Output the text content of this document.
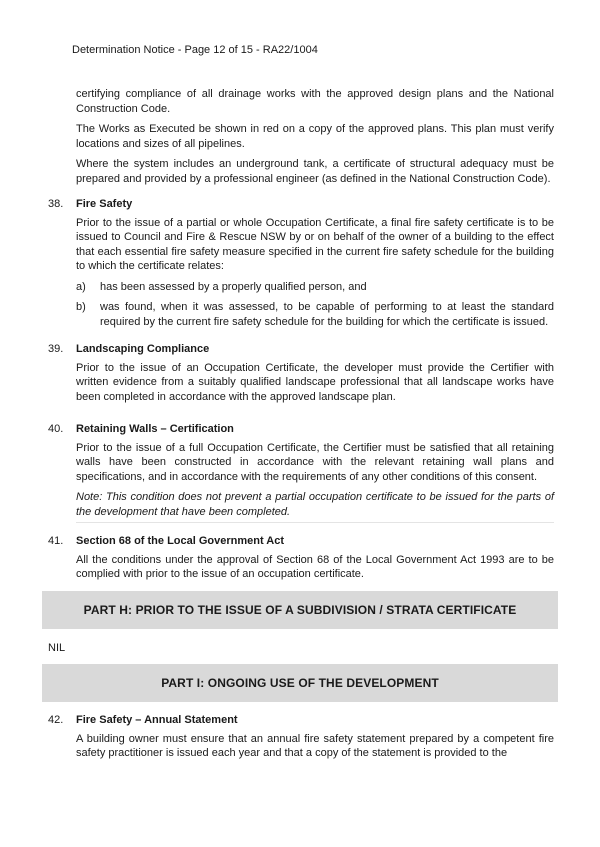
Determination Notice - Page 12 of 15 - RA22/1004

certifying compliance of all drainage works with the approved design plans and the National Construction Code.

The Works as Executed be shown in red on a copy of the approved plans. This plan must verify locations and sizes of all pipelines.

Where the system includes an underground tank, a certificate of structural adequacy must be prepared and provided by a professional engineer (as defined in the National Construction Code).

38.	Fire Safety

Prior to the issue of a partial or whole Occupation Certificate, a final fire safety certificate is to be issued to Council and Fire & Rescue NSW by or on behalf of the owner of a building to the effect that each essential fire safety measure specified in the current fire safety schedule for the building to which the certificate relates:

a)	has been assessed by a properly qualified person, and
b)	was found, when it was assessed, to be capable of performing to at least the standard required by the current fire safety schedule for the building for which the certificate is issued.
39.	Landscaping Compliance

Prior to the issue of an Occupation Certificate, the developer must provide the Certifier with written evidence from a suitably qualified landscape professional that all landscape works have been completed in accordance with the approved landscape plan.

40.	Retaining Walls – Certification

Prior to the issue of a full Occupation Certificate, the Certifier must be satisfied that all retaining walls have been constructed in accordance with the relevant retaining wall plans and specifications, and in accordance with the requirements of any other conditions of this consent.

Note: This condition does not prevent a partial occupation certificate to be issued for the parts of the development that have been completed.

41.	Section 68 of the Local Government Act

All the conditions under the approval of Section 68 of the Local Government Act 1993 are to be complied with prior to the issue of an occupation certificate.

PART H: PRIOR TO THE ISSUE OF A SUBDIVISION / STRATA CERTIFICATE
NIL
PART I: ONGOING USE OF THE DEVELOPMENT
42.	Fire Safety – Annual Statement

A building owner must ensure that an annual fire safety statement prepared by a competent fire safety practitioner is issued each year and that a copy of the statement is provided to the
